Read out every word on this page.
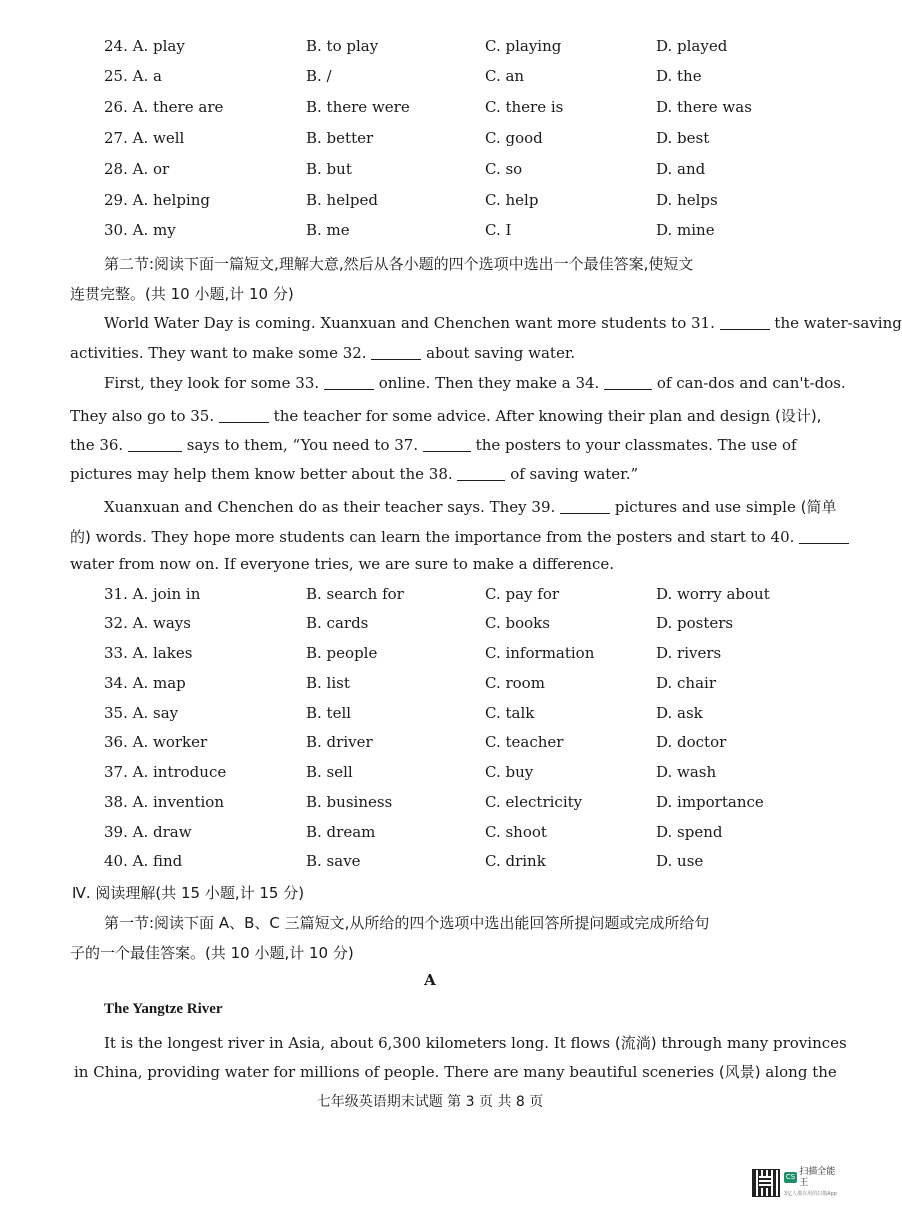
24. A. play	B. to play	C. playing	D. played
25. A. a	B. /	C. an	D. the
26. A. there are	B. there were	C. there is	D. there was
27. A. well	B. better	C. good	D. best
28. A. or	B. but	C. so	D. and
29. A. helping	B. helped	C. help	D. helps
30. A. my	B. me	C. I	D. mine
第二节:阅读下面一篇短文,理解大意,然后从各小题的四个选项中选出一个最佳答案,使短文
连贯完整。(共 10 小题,计 10 分)
World Water Day is coming. Xuanxuan and Chenchen want more students to 31.	the water-saving
activities. They want to make some 32.	about saving water.
First, they look for some 33.	online. Then they make a 34.	of can-dos and can't-dos.
They also go to 35.	the teacher for some advice. After knowing their plan and design (设计),
the 36.	says to them, “You need to 37.	the posters to your classmates. The use of
pictures may help them know better about the 38.	of saving water.”
Xuanxuan and Chenchen do as their teacher says. They 39.	pictures and use simple (简单
的) words. They hope more students can learn the importance from the posters and start to 40.
water from now on. If everyone tries, we are sure to make a difference.
31. A. join in	B. search for	C. pay for	D. worry about
32. A. ways	B. cards	C. books	D. posters
33. A. lakes	B. people	C. information	D. rivers
34. A. map	B. list	C. room	D. chair
35. A. say	B. tell	C. talk	D. ask
36. A. worker	B. driver	C. teacher	D. doctor
37. A. introduce	B. sell	C. buy	D. wash
38. A. invention	B. business	C. electricity	D. importance
39. A. draw	B. dream	C. shoot	D. spend
40. A. find	B. save	C. drink	D. use
Ⅳ. 阅读理解(共 15 小题,计 15 分)
第一节:阅读下面 A、B、C 三篇短文,从所给的四个选项中选出能回答所提问题或完成所给句
子的一个最佳答案。(共 10 小题,计 10 分)
A
The Yangtze River
It is the longest river in Asia, about 6,300 kilometers long. It flows (流淌) through many provinces
in China, providing water for millions of people. There are many beautiful sceneries (风景) along the
七年级英语期末试题 第 3 页 共 8 页
CS
扫描全能王
3亿人都在用的扫描App
